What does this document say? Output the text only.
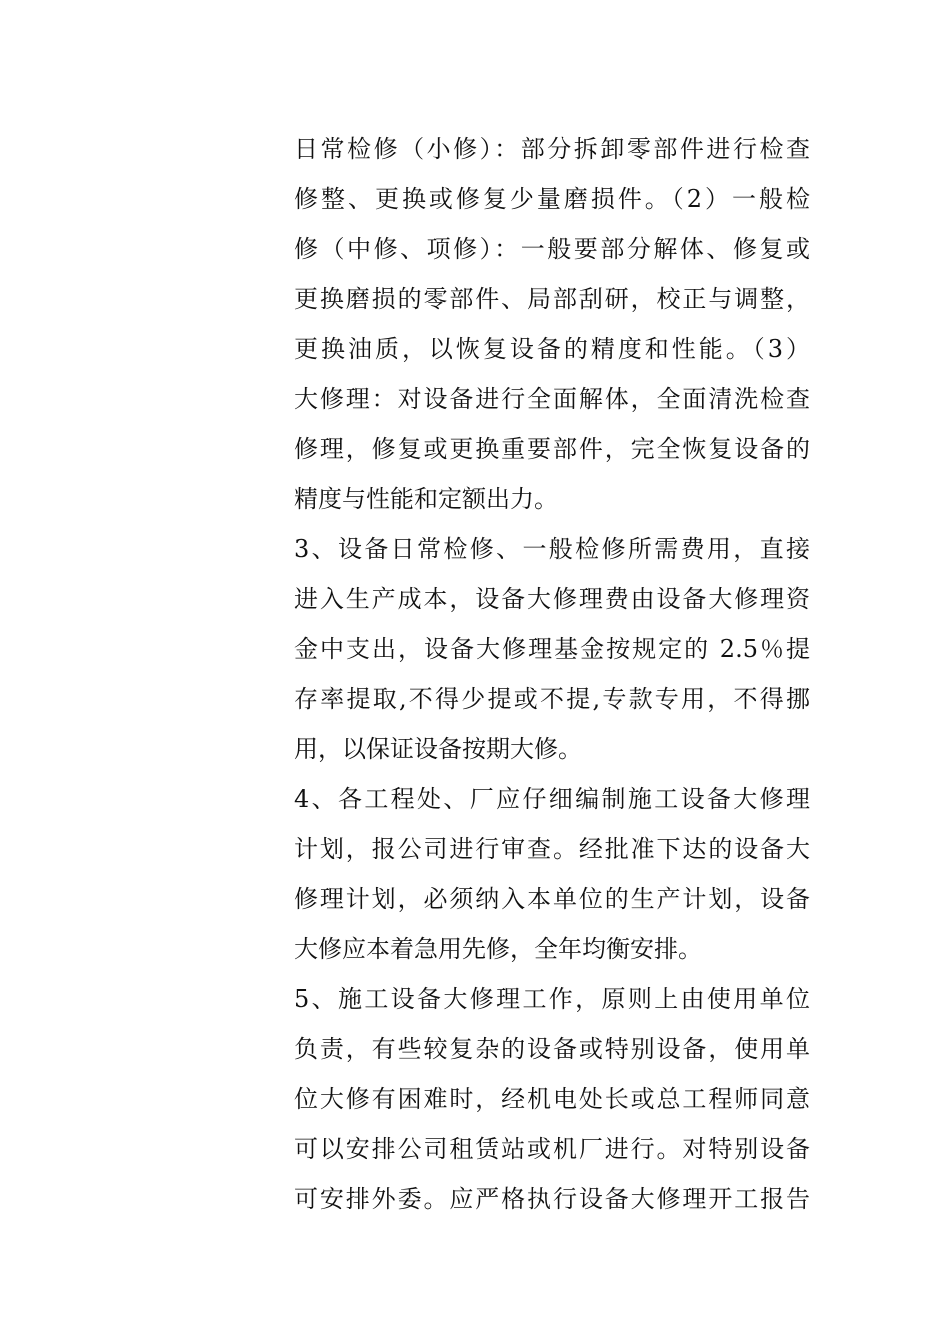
日常检修（小修）：部分拆卸零部件进行检查
修整、更换或修复少量磨损件。（2）一般检
修（中修、项修）：一般要部分解体、修复或
更换磨损的零部件、局部刮研，校正与调整，
更换油质，以恢复设备的精度和性能。（3）
大修理：对设备进行全面解体，全面清洗检查
修理，修复或更换重要部件，完全恢复设备的
精度与性能和定额出力。
3、设备日常检修、一般检修所需费用，直接
进入生产成本，设备大修理费由设备大修理资
金中支出，设备大修理基金按规定的 2.5％提
存率提取,不得少提或不提,专款专用，不得挪
用，以保证设备按期大修。
4、各工程处、厂应仔细编制施工设备大修理
计划，报公司进行审查。经批准下达的设备大
修理计划，必须纳入本单位的生产计划，设备
大修应本着急用先修，全年均衡安排。
5、施工设备大修理工作，原则上由使用单位
负责，有些较复杂的设备或特别设备，使用单
位大修有困难时，经机电处长或总工程师同意
可以安排公司租赁站或机厂进行。对特别设备
可安排外委。应严格执行设备大修理开工报告
